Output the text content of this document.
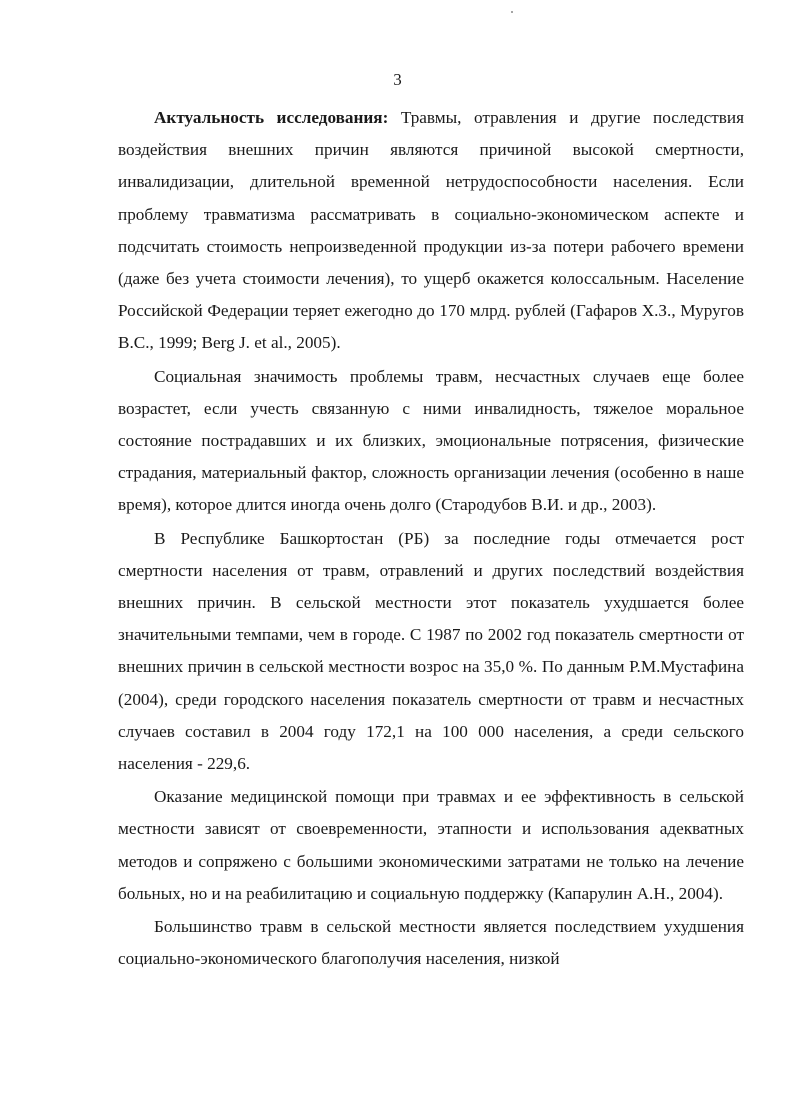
3

Актуальность исследования: Травмы, отравления и другие последствия воздействия внешних причин являются причиной высокой смертности, инвалидизации, длительной временной нетрудоспособности населения. Если проблему травматизма рассматривать в социально-экономическом аспекте и подсчитать стоимость непроизведенной продукции из-за потери рабочего времени (даже без учета стоимости лечения), то ущерб окажется колоссальным. Население Российской Федерации теряет ежегодно до 170 млрд. рублей (Гафаров Х.З., Муругов В.С., 1999; Berg J. et al., 2005).

Социальная значимость проблемы травм, несчастных случаев еще более возрастет, если учесть связанную с ними инвалидность, тяжелое моральное состояние пострадавших и их близких, эмоциональные потрясения, физические страдания, материальный фактор, сложность организации лечения (особенно в наше время), которое длится иногда очень долго (Стародубов В.И. и др., 2003).

В Республике Башкортостан (РБ) за последние годы отмечается рост смертности населения от травм, отравлений и других последствий воздействия внешних причин. В сельской местности этот показатель ухудшается более значительными темпами, чем в городе. С 1987 по 2002 год показатель смертности от внешних причин в сельской местности возрос на 35,0 %. По данным Р.М.Мустафина (2004), среди городского населения показатель смертности от травм и несчастных случаев составил в 2004 году 172,1 на 100 000 населения, а среди сельского населения - 229,6.

Оказание медицинской помощи при травмах и ее эффективность в сельской местности зависят от своевременности, этапности и использования адекватных методов и сопряжено с большими экономическими затратами не только на лечение больных, но и на реабилитацию и социальную поддержку (Капарулин А.Н., 2004).

Большинство травм в сельской местности является последствием ухудшения социально-экономического благополучия населения, низкой
